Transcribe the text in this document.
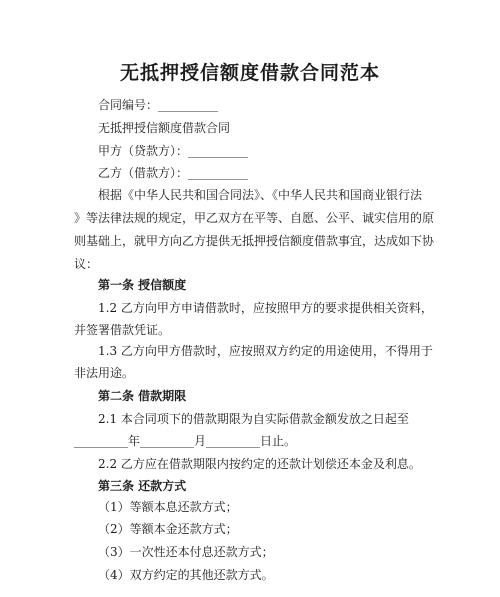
无抵押授信额度借款合同范本
合同编号：__________
无抵押授信额度借款合同
甲方（贷款方）：__________
乙方（借款方）：__________
根据《中华人民共和国合同法》、《中华人民共和国商业银行法
》等法律法规的规定，甲乙双方在平等、自愿、公平、诚实信用的原
则基础上，就甲方向乙方提供无抵押授信额度借款事宜，达成如下协
议：
第一条 授信额度
1.2 乙方向甲方申请借款时，应按照甲方的要求提供相关资料，
并签署借款凭证。
1.3 乙方向甲方借款时，应按照双方约定的用途使用，不得用于
非法用途。
第二条 借款期限
2.1 本合同项下的借款期限为自实际借款金额发放之日起至
_________年_________月_________日止。
2.2 乙方应在借款期限内按约定的还款计划偿还本金及利息。
第三条 还款方式
（1）等额本息还款方式；
（2）等额本金还款方式；
（3）一次性还本付息还款方式；
（4）双方约定的其他还款方式。
